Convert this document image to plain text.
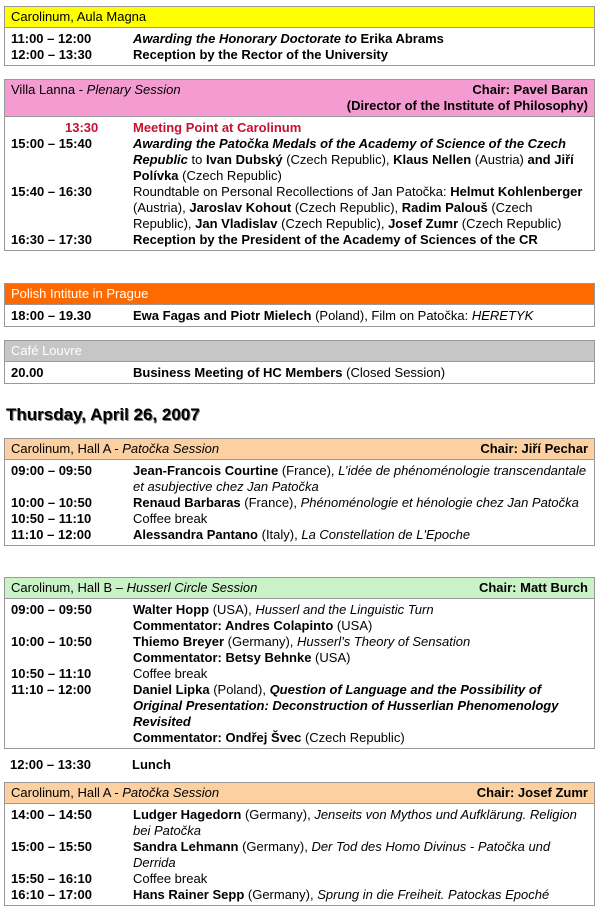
Carolinum, Aula Magna
11:00 – 12:00	Awarding the Honorary Doctorate to Erika Abrams
12:00 – 13:30	Reception by the Rector of the University
Villa Lanna - Plenary Session	Chair: Pavel Baran
(Director of the Institute of Philosophy)
13:30	Meeting Point at Carolinum
15:00 – 15:40	Awarding the Patočka Medals of the Academy of Science of the Czech Republic to Ivan Dubský (Czech Republic), Klaus Nellen (Austria) and Jiří Polívka (Czech Republic)
15:40 – 16:30	Roundtable on Personal Recollections of Jan Patočka: Helmut Kohlenberger (Austria), Jaroslav Kohout (Czech Republic), Radim Palouš (Czech Republic), Jan Vladislav (Czech Republic), Josef Zumr (Czech Republic)
16:30 – 17:30	Reception by the President of the Academy of Sciences of the CR
Polish Intitute in Prague
18:00 – 19.30	Ewa Fagas and Piotr Mielech (Poland), Film on Patočka: HERETYK
Café Louvre
20.00	Business Meeting of HC Members (Closed Session)
Thursday, April 26, 2007
Carolinum, Hall A - Patočka Session	Chair: Jiří Pechar
09:00 – 09:50	Jean-Francois Courtine (France), L’idée de phénoménologie transcendantale et asubjective chez Jan Patočka
10:00 – 10:50	Renaud Barbaras (France), Phénoménologie et hénologie chez Jan Patočka
10:50 – 11:10	Coffee break
11:10 – 12:00	Alessandra Pantano (Italy), La Constellation de L'Epoche
Carolinum, Hall B – Husserl Circle Session	Chair: Matt Burch
09:00 – 09:50	Walter Hopp (USA), Husserl and the Linguistic Turn
Commentator: Andres Colapinto (USA)
10:00 – 10:50	Thiemo Breyer (Germany), Husserl’s Theory of Sensation
Commentator: Betsy Behnke (USA)
10:50 – 11:10	Coffee break
11:10 – 12:00	Daniel Lipka (Poland), Question of Language and the Possibility of Original Presentation: Deconstruction of Husserlian Phenomenology Revisited
Commentator: Ondřej Švec (Czech Republic)
12:00 – 13:30	Lunch
Carolinum, Hall A - Patočka Session	Chair: Josef Zumr
14:00 – 14:50	Ludger Hagedorn (Germany), Jenseits von Mythos und Aufklärung. Religion bei Patočka
15:00 – 15:50	Sandra Lehmann (Germany), Der Tod des Homo Divinus - Patočka und Derrida
15:50 – 16:10	Coffee break
16:10 – 17:00	Hans Rainer Sepp (Germany), Sprung in die Freiheit. Patockas Epoché
